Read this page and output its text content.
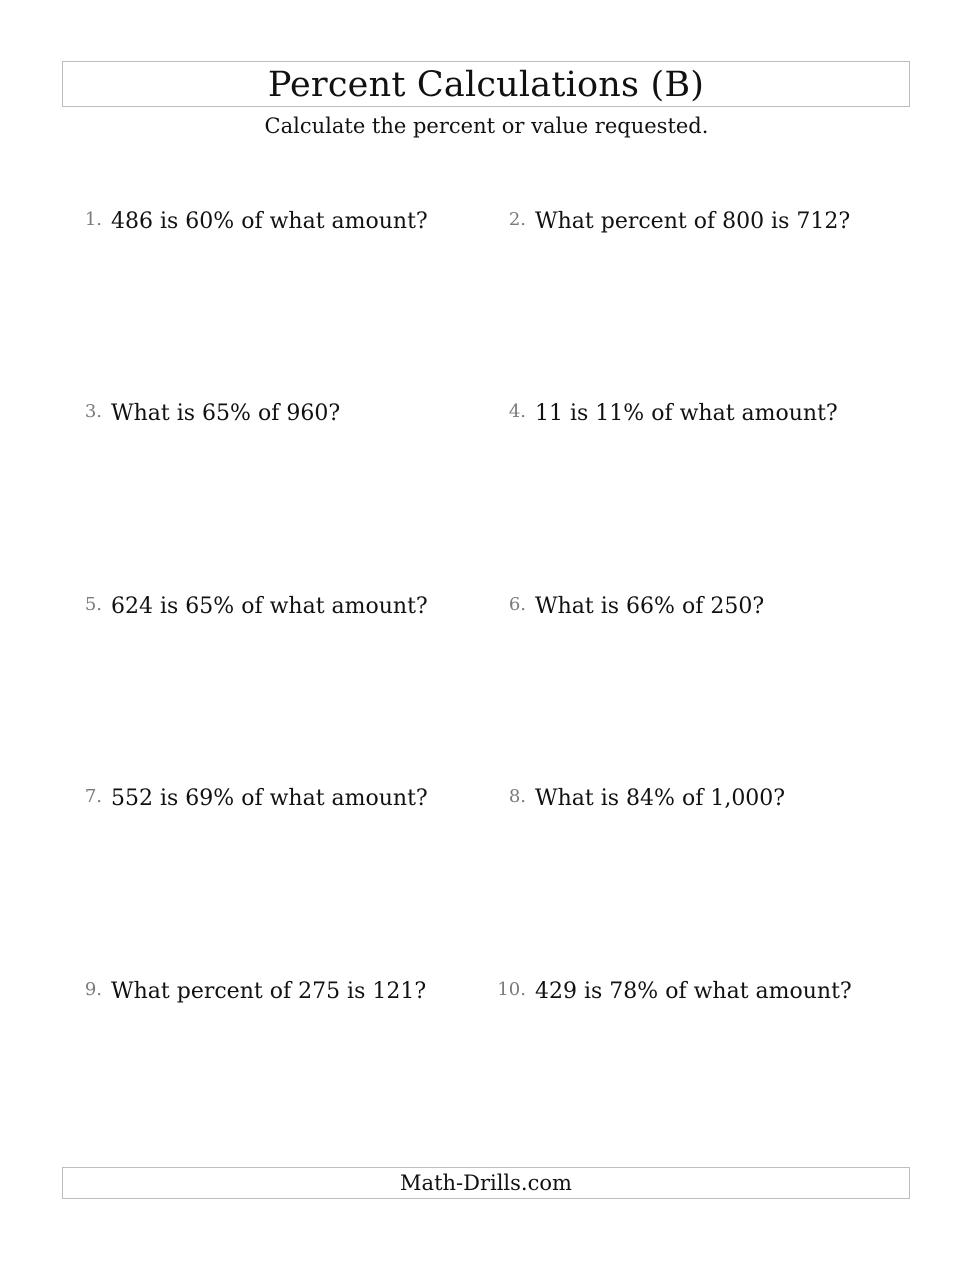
Percent Calculations (B)
Calculate the percent or value requested.
1. 486 is 60% of what amount?	2. What percent of 800 is 712?
3. What is 65% of 960?	4. 11 is 11% of what amount?
5. 624 is 65% of what amount?	6. What is 66% of 250?
7. 552 is 69% of what amount?	8. What is 84% of 1,000?
9. What percent of 275 is 121?	10. 429 is 78% of what amount?
Math-Drills.com
